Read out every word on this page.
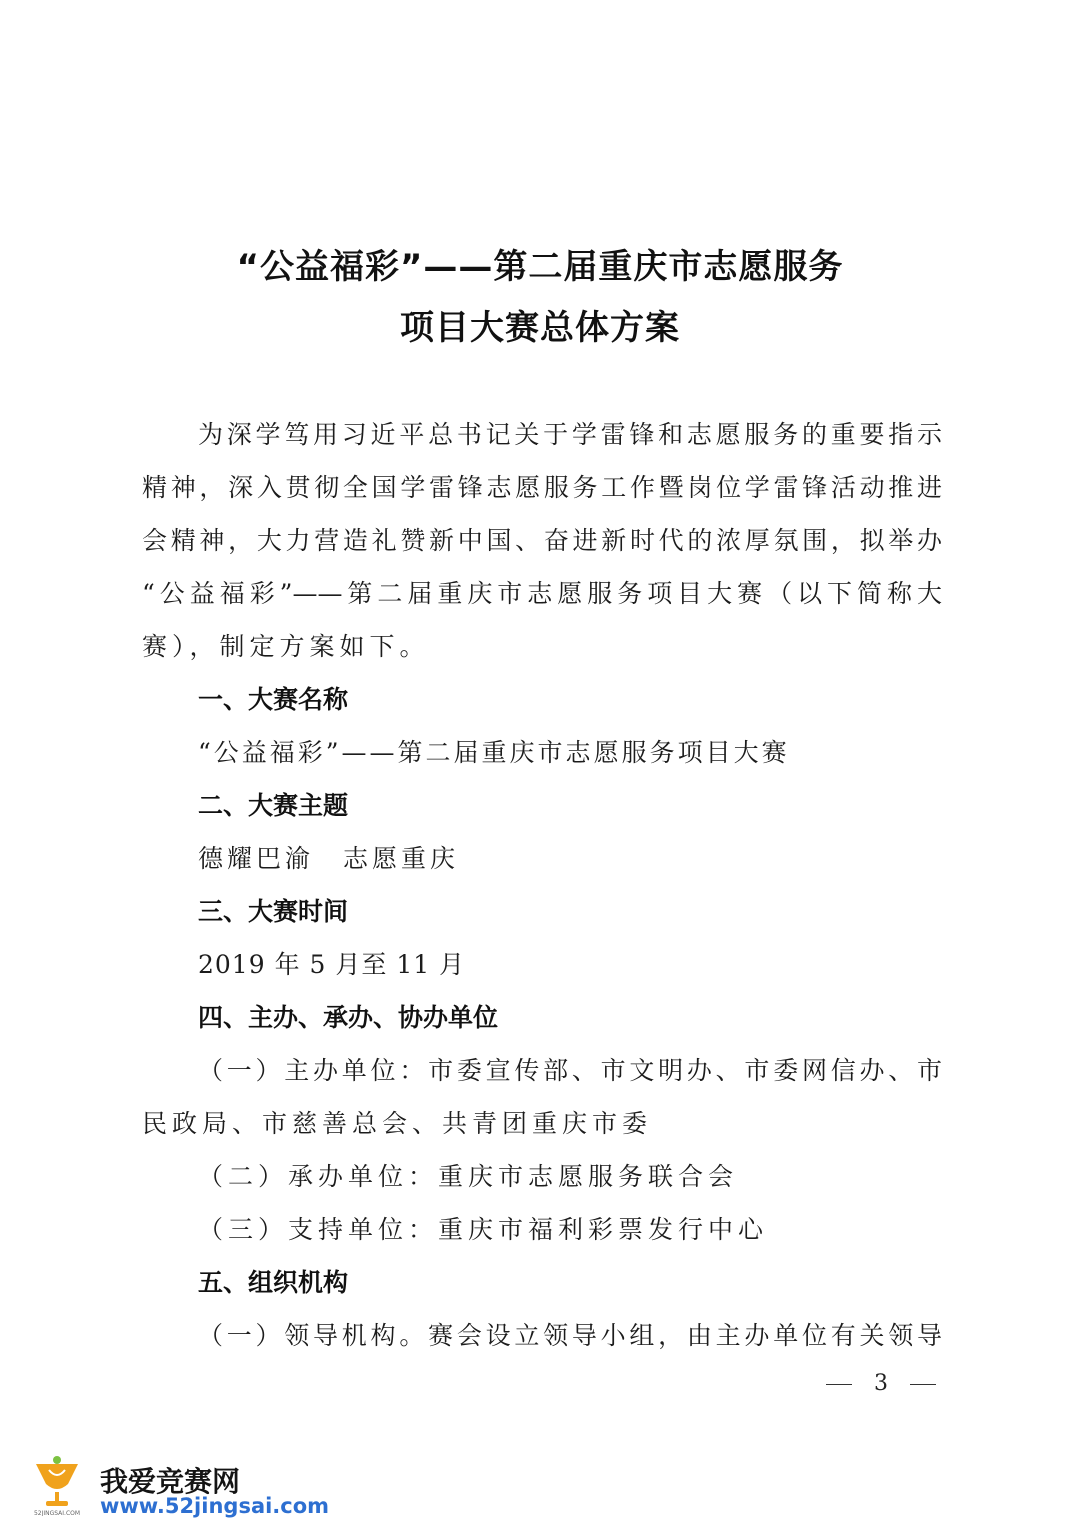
“公益福彩”——第二届重庆市志愿服务
项目大赛总体方案
为深学笃用习近平总书记关于学雷锋和志愿服务的重要指示
精神，深入贯彻全国学雷锋志愿服务工作暨岗位学雷锋活动推进
会精神，大力营造礼赞新中国、奋进新时代的浓厚氛围，拟举办
“公益福彩”——第二届重庆市志愿服务项目大赛（以下简称大
赛），制定方案如下。
一、大赛名称
“公益福彩”——第二届重庆市志愿服务项目大赛
二、大赛主题
德耀巴渝　志愿重庆
三、大赛时间
2019 年 5 月至 11 月
四、主办、承办、协办单位
（一）主办单位：市委宣传部、市文明办、市委网信办、市
民政局、市慈善总会、共青团重庆市委
（二）承办单位：重庆市志愿服务联合会
（三）支持单位：重庆市福利彩票发行中心
五、组织机构
（一）领导机构。赛会设立领导小组，由主办单位有关领导
3
52JINGSAI.COM
我爱竞赛网
www.52jingsai.com
